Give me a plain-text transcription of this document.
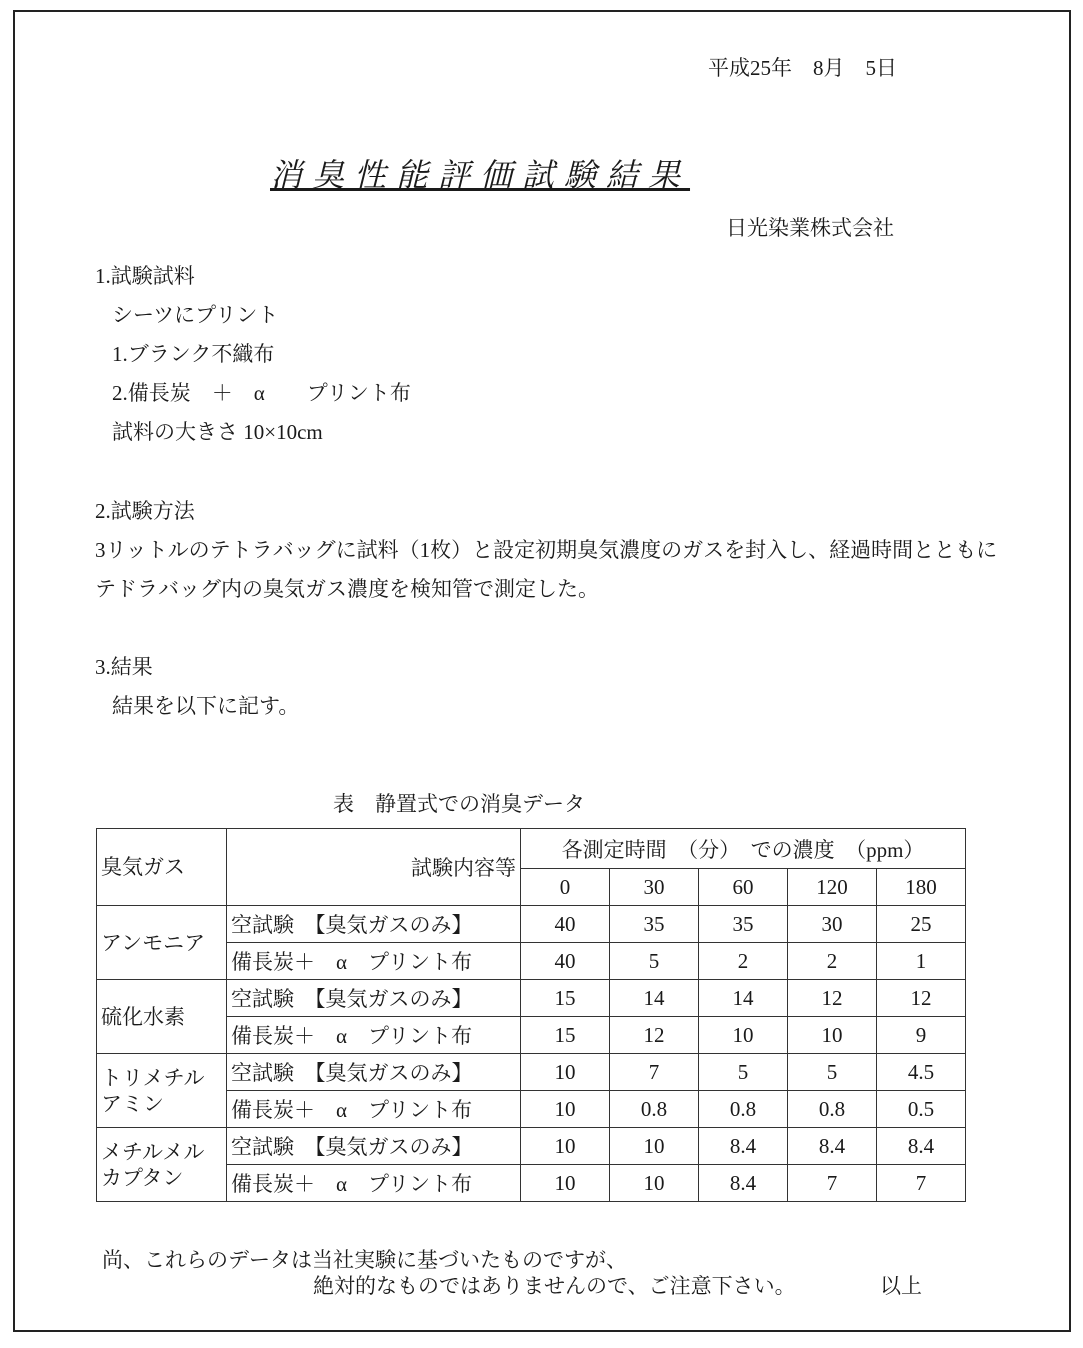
平成25年　8月　5日
消臭性能評価試験結果
日光染業株式会社
1.試験試料
シーツにプリント
1.ブランク不織布
2.備長炭　＋　α　　プリント布
試料の大きさ 10×10cm
2.試験方法
3リットルのテトラバッグに試料（1枚）と設定初期臭気濃度のガスを封入し、経過時間とともに
テドラバッグ内の臭気ガス濃度を検知管で測定した。
3.結果
結果を以下に記す。
表　静置式での消臭データ
臭気ガス	試験内容等	各測定時間　（分）　での濃度　（ppm）				
		0	30	60	120	180
アンモニア	空試験　【臭気ガスのみ】	40	35	35	30	25
	備長炭＋　α　プリント布	40	5	2	2	1
硫化水素	空試験　【臭気ガスのみ】	15	14	14	12	12
	備長炭＋　α　プリント布	15	12	10	10	9
トリメチルアミン	空試験　【臭気ガスのみ】	10	7	5	5	4.5
	備長炭＋　α　プリント布	10	0.8	0.8	0.8	0.5
メチルメルカプタン	空試験　【臭気ガスのみ】	10	10	8.4	8.4	8.4
	備長炭＋　α　プリント布	10	10	8.4	7	7
尚、これらのデータは当社実験に基づいたものですが、
絶対的なものではありませんので、ご注意下さい。	以上
